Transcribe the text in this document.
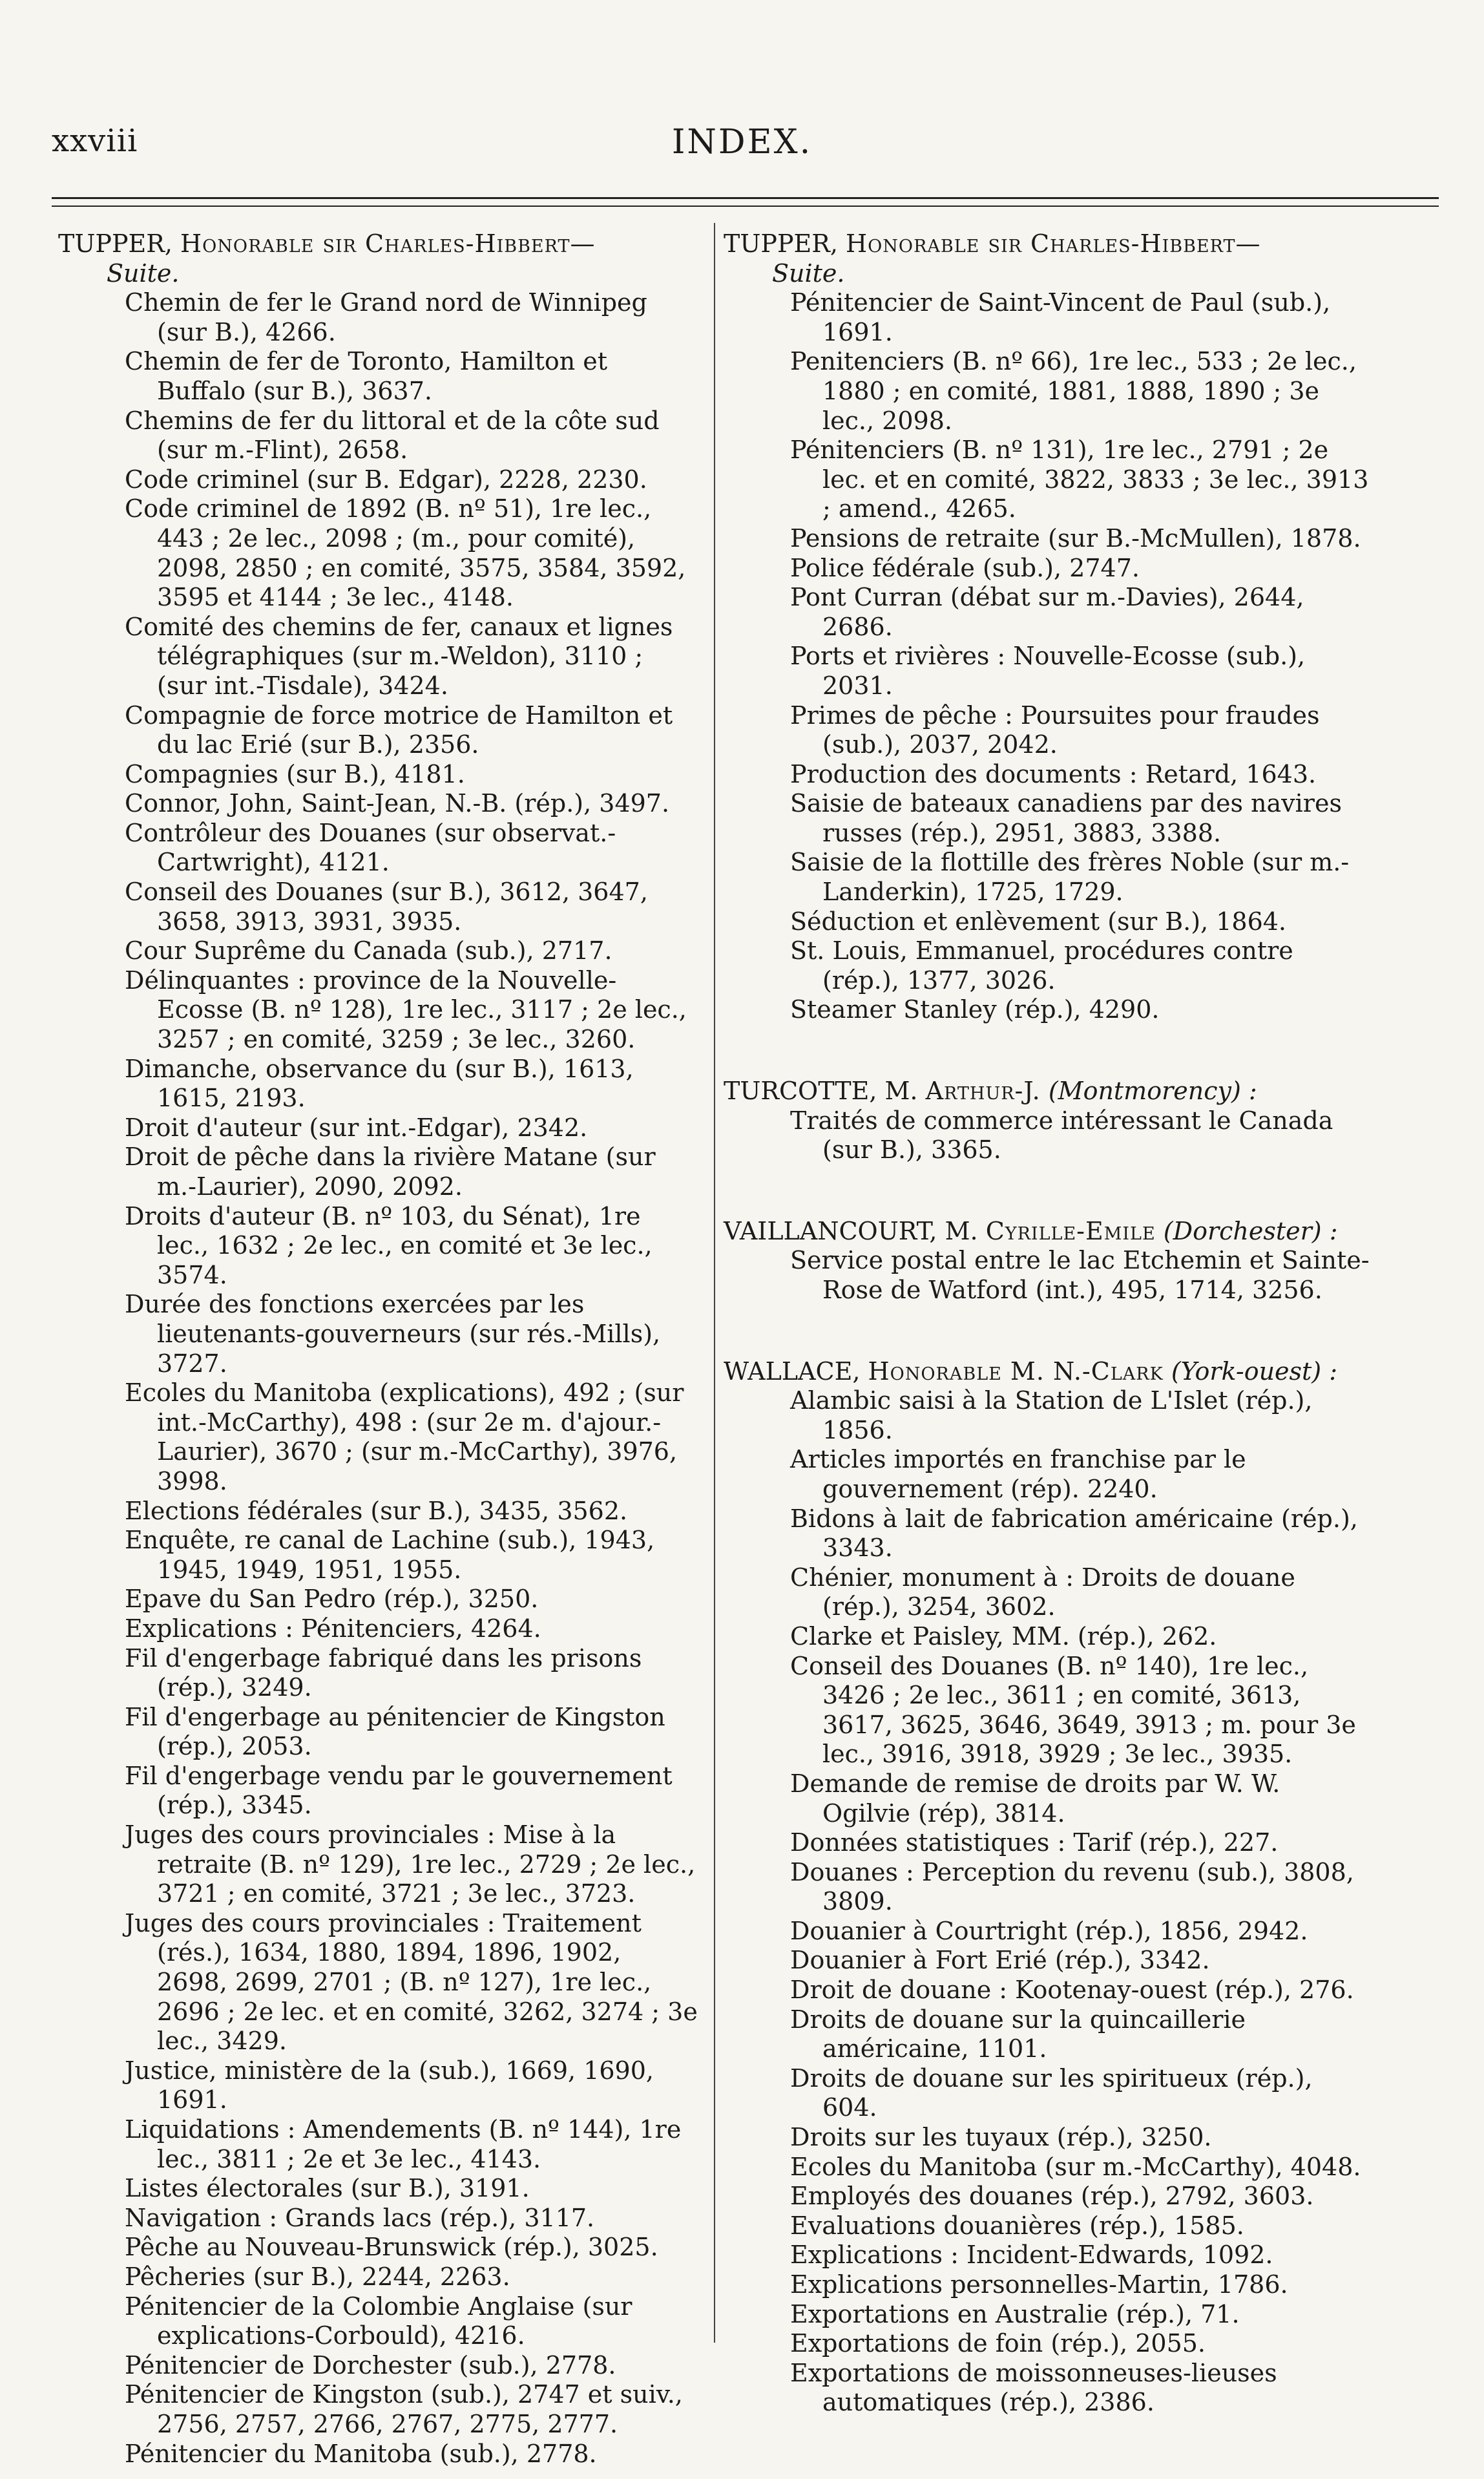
xxviii	INDEX.
TUPPER, Honorable sir Charles-Hibbert—
Suite.
Chemin de fer le Grand nord de Winnipeg (sur B.), 4266.
Chemin de fer de Toronto, Hamilton et Buffalo (sur B.), 3637.
Chemins de fer du littoral et de la côte sud (sur m.-Flint), 2658.
Code criminel (sur B. Edgar), 2228, 2230.
Code criminel de 1892 (B. nº 51), 1re lec., 443 ; 2e lec., 2098 ; (m., pour comité), 2098, 2850 ; en comité, 3575, 3584, 3592, 3595 et 4144 ; 3e lec., 4148.
Comité des chemins de fer, canaux et lignes télégraphiques (sur m.-Weldon), 3110 ; (sur int.-Tisdale), 3424.
Compagnie de force motrice de Hamilton et du lac Erié (sur B.), 2356.
Compagnies (sur B.), 4181.
Connor, John, Saint-Jean, N.-B. (rép.), 3497.
Contrôleur des Douanes (sur observat.-Cartwright), 4121.
Conseil des Douanes (sur B.), 3612, 3647, 3658, 3913, 3931, 3935.
Cour Suprême du Canada (sub.), 2717.
Délinquantes : province de la Nouvelle-Ecosse (B. nº 128), 1re lec., 3117 ; 2e lec., 3257 ; en comité, 3259 ; 3e lec., 3260.
Dimanche, observance du (sur B.), 1613, 1615, 2193.
Droit d'auteur (sur int.-Edgar), 2342.
Droit de pêche dans la rivière Matane (sur m.-Laurier), 2090, 2092.
Droits d'auteur (B. nº 103, du Sénat), 1re lec., 1632 ; 2e lec., en comité et 3e lec., 3574.
Durée des fonctions exercées par les lieutenants-gouverneurs (sur rés.-Mills), 3727.
Ecoles du Manitoba (explications), 492 ; (sur int.-McCarthy), 498 : (sur 2e m. d'ajour.-Laurier), 3670 ; (sur m.-McCarthy), 3976, 3998.
Elections fédérales (sur B.), 3435, 3562.
Enquête, re canal de Lachine (sub.), 1943, 1945, 1949, 1951, 1955.
Epave du San Pedro (rép.), 3250.
Explications : Pénitenciers, 4264.
Fil d'engerbage fabriqué dans les prisons (rép.), 3249.
Fil d'engerbage au pénitencier de Kingston (rép.), 2053.
Fil d'engerbage vendu par le gouvernement (rép.), 3345.
Juges des cours provinciales : Mise à la retraite (B. nº 129), 1re lec., 2729 ; 2e lec., 3721 ; en comité, 3721 ; 3e lec., 3723.
Juges des cours provinciales : Traitement (rés.), 1634, 1880, 1894, 1896, 1902, 2698, 2699, 2701 ; (B. nº 127), 1re lec., 2696 ; 2e lec. et en comité, 3262, 3274 ; 3e lec., 3429.
Justice, ministère de la (sub.), 1669, 1690, 1691.
Liquidations : Amendements (B. nº 144), 1re lec., 3811 ; 2e et 3e lec., 4143.
Listes électorales (sur B.), 3191.
Navigation : Grands lacs (rép.), 3117.
Pêche au Nouveau-Brunswick (rép.), 3025.
Pêcheries (sur B.), 2244, 2263.
Pénitencier de la Colombie Anglaise (sur explications-Corbould), 4216.
Pénitencier de Dorchester (sub.), 2778.
Pénitencier de Kingston (sub.), 2747 et suiv., 2756, 2757, 2766, 2767, 2775, 2777.
Pénitencier du Manitoba (sub.), 2778.
TUPPER, Honorable sir Charles-Hibbert—
Suite.
Pénitencier de Saint-Vincent de Paul (sub.), 1691.
Penitenciers (B. nº 66), 1re lec., 533 ; 2e lec., 1880 ; en comité, 1881, 1888, 1890 ; 3e lec., 2098.
Pénitenciers (B. nº 131), 1re lec., 2791 ; 2e lec. et en comité, 3822, 3833 ; 3e lec., 3913 ; amend., 4265.
Pensions de retraite (sur B.-McMullen), 1878.
Police fédérale (sub.), 2747.
Pont Curran (débat sur m.-Davies), 2644, 2686.
Ports et rivières : Nouvelle-Ecosse (sub.), 2031.
Primes de pêche : Poursuites pour fraudes (sub.), 2037, 2042.
Production des documents : Retard, 1643.
Saisie de bateaux canadiens par des navires russes (rép.), 2951, 3883, 3388.
Saisie de la flottille des frères Noble (sur m.-Landerkin), 1725, 1729.
Séduction et enlèvement (sur B.), 1864.
St. Louis, Emmanuel, procédures contre (rép.), 1377, 3026.
Steamer Stanley (rép.), 4290.
TURCOTTE, M. Arthur-J. (Montmorency) :
Traités de commerce intéressant le Canada (sur B.), 3365.
VAILLANCOURT, M. Cyrille-Emile (Dorchester) :
Service postal entre le lac Etchemin et Sainte-Rose de Watford (int.), 495, 1714, 3256.
WALLACE, Honorable M. N.-Clark (York-ouest) :
Alambic saisi à la Station de L'Islet (rép.), 1856.
Articles importés en franchise par le gouvernement (rép). 2240.
Bidons à lait de fabrication américaine (rép.), 3343.
Chénier, monument à : Droits de douane (rép.), 3254, 3602.
Clarke et Paisley, MM. (rép.), 262.
Conseil des Douanes (B. nº 140), 1re lec., 3426 ; 2e lec., 3611 ; en comité, 3613, 3617, 3625, 3646, 3649, 3913 ; m. pour 3e lec., 3916, 3918, 3929 ; 3e lec., 3935.
Demande de remise de droits par W. W. Ogilvie (rép), 3814.
Données statistiques : Tarif (rép.), 227.
Douanes : Perception du revenu (sub.), 3808, 3809.
Douanier à Courtright (rép.), 1856, 2942.
Douanier à Fort Erié (rép.), 3342.
Droit de douane : Kootenay-ouest (rép.), 276.
Droits de douane sur la quincaillerie américaine, 1101.
Droits de douane sur les spiritueux (rép.), 604.
Droits sur les tuyaux (rép.), 3250.
Ecoles du Manitoba (sur m.-McCarthy), 4048.
Employés des douanes (rép.), 2792, 3603.
Evaluations douanières (rép.), 1585.
Explications : Incident-Edwards, 1092.
Explications personnelles-Martin, 1786.
Exportations en Australie (rép.), 71.
Exportations de foin (rép.), 2055.
Exportations de moissonneuses-lieuses automatiques (rép.), 2386.
